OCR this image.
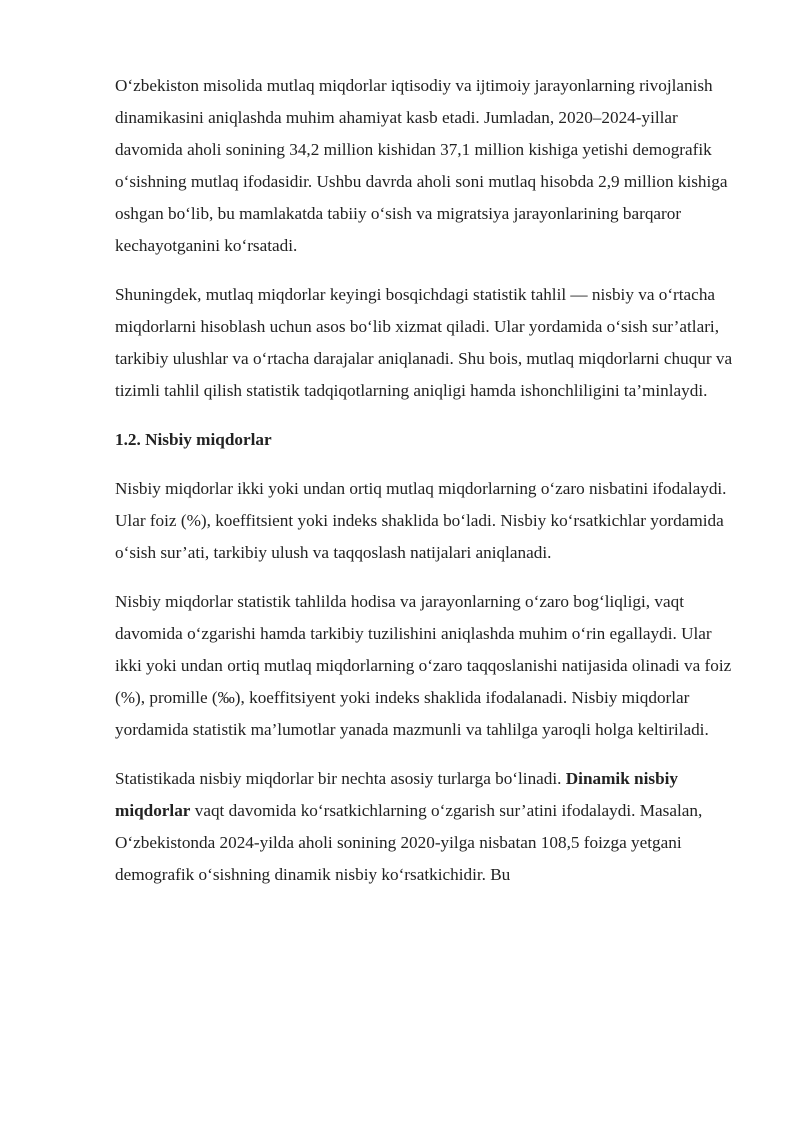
O‘zbekiston misolida mutlaq miqdorlar iqtisodiy va ijtimoiy jarayonlarning rivojlanish dinamikasini aniqlashda muhim ahamiyat kasb etadi. Jumladan, 2020–2024-yillar davomida aholi sonining 34,2 million kishidan 37,1 million kishiga yetishi demografik o‘sishning mutlaq ifodasidir. Ushbu davrda aholi soni mutlaq hisobda 2,9 million kishiga oshgan bo‘lib, bu mamlakatda tabiiy o‘sish va migratsiya jarayonlarining barqaror kechayotganini ko‘rsatadi.

Shuningdek, mutlaq miqdorlar keyingi bosqichdagi statistik tahlil — nisbiy va o‘rtacha miqdorlarni hisoblash uchun asos bo‘lib xizmat qiladi. Ular yordamida o‘sish sur’atlari, tarkibiy ulushlar va o‘rtacha darajalar aniqlanadi. Shu bois, mutlaq miqdorlarni chuqur va tizimli tahlil qilish statistik tadqiqotlarning aniqligi hamda ishonchliligini ta’minlaydi.

1.2. Nisbiy miqdorlar

Nisbiy miqdorlar ikki yoki undan ortiq mutlaq miqdorlarning o‘zaro nisbatini ifodalaydi. Ular foiz (%), koeffitsient yoki indeks shaklida bo‘ladi. Nisbiy ko‘rsatkichlar yordamida o‘sish sur’ati, tarkibiy ulush va taqqoslash natijalari aniqlanadi.

Nisbiy miqdorlar statistik tahlilda hodisa va jarayonlarning o‘zaro bog‘liqligi, vaqt davomida o‘zgarishi hamda tarkibiy tuzilishini aniqlashda muhim o‘rin egallaydi. Ular ikki yoki undan ortiq mutlaq miqdorlarning o‘zaro taqqoslanishi natijasida olinadi va foiz (%), promille (‰), koeffitsiyent yoki indeks shaklida ifodalanadi. Nisbiy miqdorlar yordamida statistik ma’lumotlar yanada mazmunli va tahlilga yaroqli holga keltiriladi.

Statistikada nisbiy miqdorlar bir nechta asosiy turlarga bo‘linadi. Dinamik nisbiy miqdorlar vaqt davomida ko‘rsatkichlarning o‘zgarish sur’atini ifodalaydi. Masalan, O‘zbekistonda 2024-yilda aholi sonining 2020-yilga nisbatan 108,5 foizga yetgani demografik o‘sishning dinamik nisbiy ko‘rsatkichidir. Bu
